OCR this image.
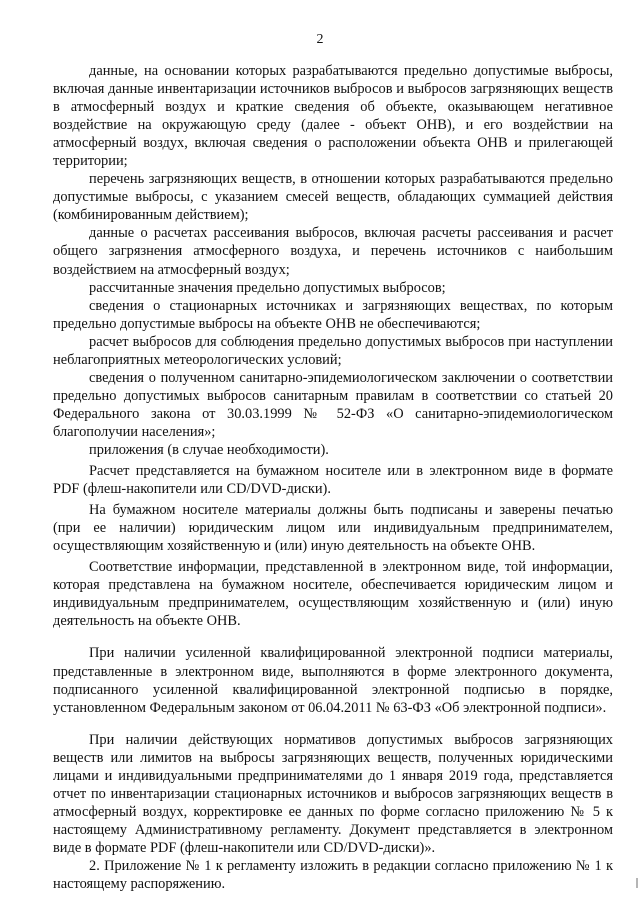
2

данные, на основании которых разрабатываются предельно допустимые выбросы, включая данные инвентаризации источников выбросов и выбросов загрязняющих веществ в атмосферный воздух и краткие сведения об объекте, оказывающем негативное воздействие на окружающую среду (далее - объект ОНВ), и его воздействии на атмосферный воздух, включая сведения о расположении объекта ОНВ и прилегающей территории;

перечень загрязняющих веществ, в отношении которых разрабатываются предельно допустимые выбросы, с указанием смесей веществ, обладающих суммацией действия (комбинированным действием);

данные о расчетах рассеивания выбросов, включая расчеты рассеивания и расчет общего загрязнения атмосферного воздуха, и перечень источников с наибольшим воздействием на атмосферный воздух;

рассчитанные значения предельно допустимых выбросов;

сведения о стационарных источниках и загрязняющих веществах, по которым предельно допустимые выбросы на объекте ОНВ не обеспечиваются;

расчет выбросов для соблюдения предельно допустимых выбросов при наступлении неблагоприятных метеорологических условий;

сведения о полученном санитарно-эпидемиологическом заключении о соответствии предельно допустимых выбросов санитарным правилам в соответствии со статьей 20 Федерального закона от 30.03.1999 № 52-ФЗ «О санитарно-эпидемиологическом благополучии населения»;

приложения (в случае необходимости).

Расчет представляется на бумажном носителе или в электронном виде в формате PDF (флеш-накопители или CD/DVD-диски).

На бумажном носителе материалы должны быть подписаны и заверены печатью (при ее наличии) юридическим лицом или индивидуальным предпринимателем, осуществляющим хозяйственную и (или) иную деятельность на объекте ОНВ.

Соответствие информации, представленной в электронном виде, той информации, которая представлена на бумажном носителе, обеспечивается юридическим лицом и индивидуальным предпринимателем, осуществляющим хозяйственную и (или) иную деятельность на объекте ОНВ.

При наличии усиленной квалифицированной электронной подписи материалы, представленные в электронном виде, выполняются в форме электронного документа, подписанного усиленной квалифицированной электронной подписью в порядке, установленном Федеральным законом от 06.04.2011 № 63-ФЗ «Об электронной подписи».

При наличии действующих нормативов допустимых выбросов загрязняющих веществ или лимитов на выбросы загрязняющих веществ, полученных юридическими лицами и индивидуальными предпринимателями до 1 января 2019 года, представляется отчет по инвентаризации стационарных источников и выбросов загрязняющих веществ в атмосферный воздух, корректировке ее данных по форме согласно приложению № 5 к настоящему Административному регламенту. Документ представляется в электронном виде в формате PDF (флеш-накопители или CD/DVD-диски)».

2. Приложение № 1 к регламенту изложить в редакции согласно приложению № 1 к настоящему распоряжению.
